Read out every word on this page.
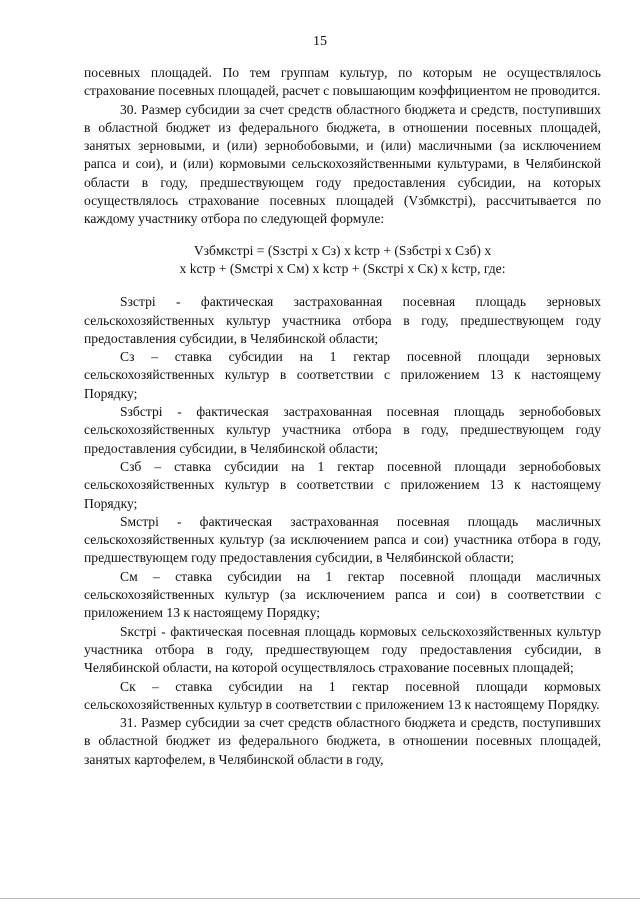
15

посевных площадей. По тем группам культур, по которым не осуществлялось страхование посевных площадей, расчет с повышающим коэффициентом не проводится.

30. Размер субсидии за счет средств областного бюджета и средств, поступивших в областной бюджет из федерального бюджета, в отношении посевных площадей, занятых зерновыми, и (или) зернобобовыми, и (или) масличными (за исключением рапса и сои), и (или) кормовыми сельскохозяйственными культурами, в Челябинской области в году, предшествующем году предоставления субсидии, на которых осуществлялось страхование посевных площадей (Vзбмкстрi), рассчитывается по каждому участнику отбора по следующей формуле:

Vзбмкстрi = (Sзстрi x Сз) x kстр + (Sзбстрi x Сзб) x

x kстр + (Sмстрi x См) x kстр + (Sкстрi x Ск) x kстр, где:

Sзстрi - фактическая застрахованная посевная площадь зерновых сельскохозяйственных культур участника отбора в году, предшествующем году предоставления субсидии, в Челябинской области;

Сз – ставка субсидии на 1 гектар посевной площади зерновых сельскохозяйственных культур в соответствии с приложением 13 к настоящему Порядку;

Sзбстрi - фактическая застрахованная посевная площадь зернобобовых сельскохозяйственных культур участника отбора в году, предшествующем году предоставления субсидии, в Челябинской области;

Сзб – ставка субсидии на 1 гектар посевной площади зернобобовых сельскохозяйственных культур в соответствии с приложением 13 к настоящему Порядку;

Sмстрi - фактическая застрахованная посевная площадь масличных сельскохозяйственных культур (за исключением рапса и сои) участника отбора в году, предшествующем году предоставления субсидии, в Челябинской области;

См – ставка субсидии на 1 гектар посевной площади масличных сельскохозяйственных культур (за исключением рапса и сои) в соответствии с приложением 13 к настоящему Порядку;

Sкстрi - фактическая посевная площадь кормовых сельскохозяйственных культур участника отбора в году, предшествующем году предоставления субсидии, в Челябинской области, на которой осуществлялось страхование посевных площадей;

Ск – ставка субсидии на 1 гектар посевной площади кормовых сельскохозяйственных культур в соответствии с приложением 13 к настоящему Порядку.

31. Размер субсидии за счет средств областного бюджета и средств, поступивших в областной бюджет из федерального бюджета, в отношении посевных площадей, занятых картофелем, в Челябинской области в году,
